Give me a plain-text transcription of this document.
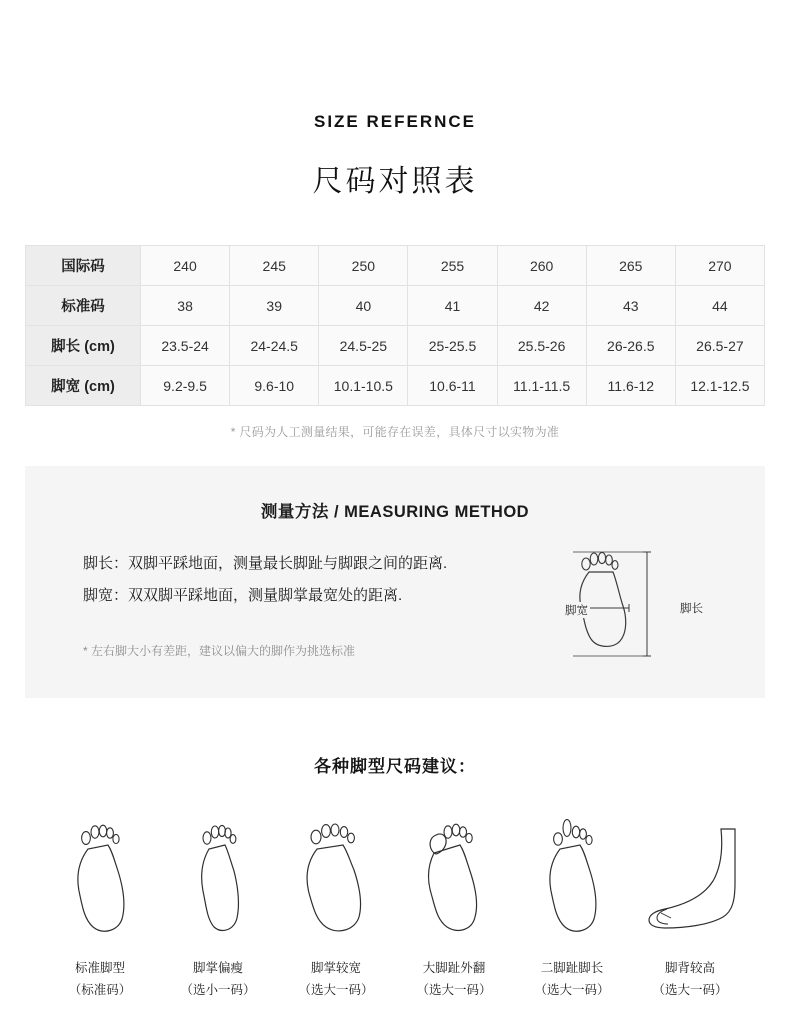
SIZE REFERNCE
尺码对照表
国际码	240	245	250	255	260	265	270
标准码	38	39	40	41	42	43	44
脚长 (cm)	23.5-24	24-24.5	24.5-25	25-25.5	25.5-26	26-26.5	26.5-27
脚宽 (cm)	9.2-9.5	9.6-10	10.1-10.5	10.6-11	11.1-11.5	11.6-12	12.1-12.5
* 尺码为人工测量结果，可能存在误差，具体尺寸以实物为准
测量方法 / MEASURING METHOD
脚长：双脚平踩地面，测量最长脚趾与脚跟之间的距离.
脚宽：双双脚平踩地面，测量脚掌最宽处的距离.
* 左右脚大小有差距，建议以偏大的脚作为挑选标准
脚宽	脚长
各种脚型尺码建议：
标准脚型
（标准码）
脚掌偏瘦
（选小一码）
脚掌较宽
（选大一码）
大脚趾外翻
（选大一码）
二脚趾脚长
（选大一码）
脚背较高
（选大一码）
